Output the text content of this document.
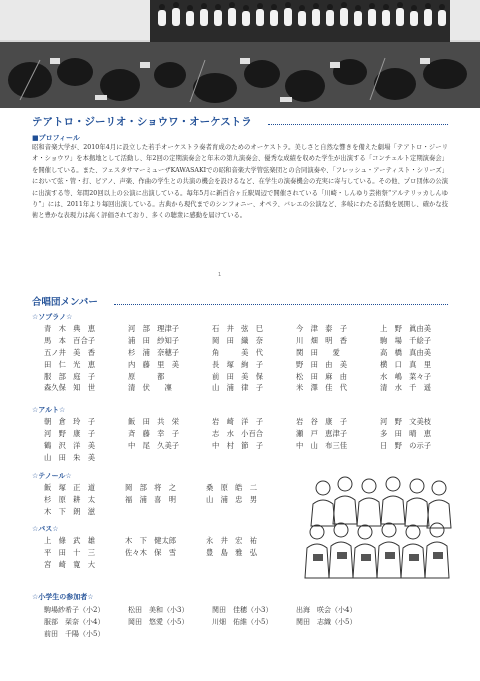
テアトロ・ジーリオ・ショウワ・オーケストラ
■プロフィール

昭和音楽大学が、2010年4月に設立した若手オーケストラ奏者育成のためのオーケストラ。美しさと自然な響きを備えた劇場「テアトロ・ジーリオ・ショウワ」を本拠地として活動し、年2回の定期演奏会と年末の第九演奏会、優秀な成績を収めた学生が出演する「コンチェルト定期演奏会」を開催している。また、フェスタサマーミューザKAWASAKIでの昭和音楽大学管弦楽団との合同演奏や、「フレッシュ・アーティスト・シリーズ」において弦・管・打、ピアノ、声楽、作曲の学生との共演の機会を設けるなど、在学生の演奏機会の充実に寄与している。その他、プロ団体の公演に出演する等、年間20回以上の公演に出演している。毎年5月に新百合ヶ丘駅周辺で開催されている「川崎・しんゆり芸術祭“アルテリッカしんゆり”」には、2011年より毎回出演している。古典から現代までのシンフォニー、オペラ、バレエの公演など、多岐にわたる活動を展開し、確かな技術と豊かな表現力は高く評価されており、多くの聴衆に感動を届けている。

1
合唱団メンバー
☆ソプラノ☆
青　木　典　恵	河　部　理津子	石　井　弦　巳	今　津　泰　子	上　野　眞由美
馬　本　百合子	浦　田　紗知子	岡　田　織　奈	川　畑　明　香	駒　場　千絵子
五ノ井　美　香	杉　浦　奈穂子	角　　　美　代	関　田　　愛	高　橋　真由美
田　仁　光　恵	内　藤　里　美	長　塚　絢　子	野　田　由　美	横　口　真　里
服　部　庭　子	原　　　都	前　田　美　保	松　田　麻　由	水　嶋　菜々子
森久保　知　世	清　伏　　凜	山　浦　律　子	米　澤　佳　代	清　水　千　遥
☆アルト☆
朝　倉　玲　子	飯　田　共　栄	岩　崎　洋　子	岩　谷　康　子	河　野　文美枝
河　野　康　子	斉　藤　幸　子	志　水　小百合	瀬　戸　恵津子	多　田　晴　恵
鶴　沢　洋　美	中　尾　久美子	中　村　節　子	中　山　布三佳	日　野　の示子
山　田　朱　美
☆テノール☆
飯　塚　正　道	岡　部　将　之	桑　原　皓　二
杉　原　耕　太	福　浦　喜　明	山　浦　忠　男
木　下　朗　滋
☆バス☆
上　條　武　雄	木　下　健太郎	永　井　宏　祐
平　田　十　三	佐々木　保　雪	豊　島　雅　弘
宮　崎　寛　大
☆小学生の参加者☆
駒場紗希子（小2）	松田　美和（小3）	関田　佳穂（小3）	出海　咲会（小4）
服部　栞奈（小4）	岡田　悠愛（小5）	川畑　佑維（小5）	関田　志織（小5）
前田　千陽（小5）
